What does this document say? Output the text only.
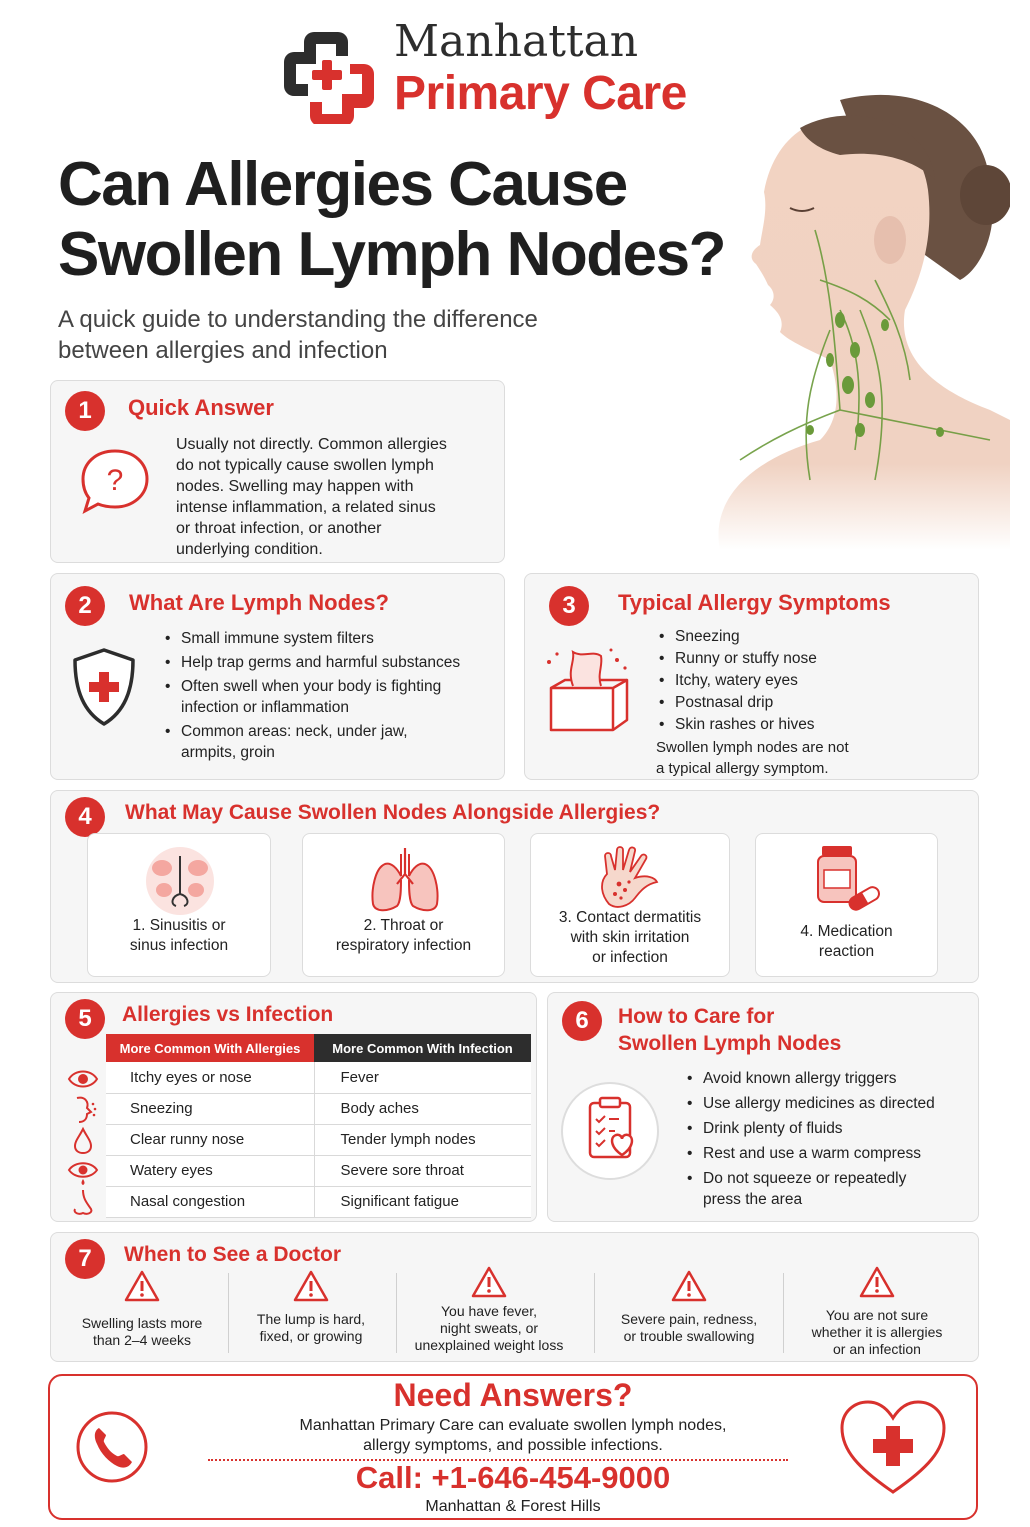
Manhattan
Primary Care
Can Allergies Cause
Swollen Lymph Nodes?
A quick guide to understanding the difference
between allergies and infection
1	Quick Answer
?
Usually not directly. Common allergies
do not typically cause swollen lymph
nodes. Swelling may happen with
intense inflammation, a related sinus
or throat infection, or another
underlying condition.
2	What Are Lymph Nodes?
• Small immune system filters
• Help trap germs and harmful substances
• Often swell when your body is fighting infection or inflammation
• Common areas: neck, under jaw, armpits, groin
3	Typical Allergy Symptoms
• Sneezing
• Runny or stuffy nose
• Itchy, watery eyes
• Postnasal drip
• Skin rashes or hives
Swollen lymph nodes are not
a typical allergy symptom.
4	What May Cause Swollen Nodes Alongside Allergies?
1. Sinusitis or
sinus infection
2. Throat or
respiratory infection
3. Contact dermatitis
with skin irritation
or infection
4. Medication
reaction
5	Allergies vs Infection
More Common With Allergies	More Common With Infection
Itchy eyes or nose	Fever
Sneezing	Body aches
Clear runny nose	Tender lymph nodes
Watery eyes	Severe sore throat
Nasal congestion	Significant fatigue
6	How to Care for
Swollen Lymph Nodes
• Avoid known allergy triggers
• Use allergy medicines as directed
• Drink plenty of fluids
• Rest and use a warm compress
• Do not squeeze or repeatedly press the area
7	When to See a Doctor
Swelling lasts more
than 2–4 weeks
The lump is hard,
fixed, or growing
You have fever,
night sweats, or
unexplained weight loss
Severe pain, redness,
or trouble swallowing
You are not sure
whether it is allergies
or an infection
Need Answers?
Manhattan Primary Care can evaluate swollen lymph nodes,
allergy symptoms, and possible infections.
Call: +1-646-454-9000
Manhattan & Forest Hills
